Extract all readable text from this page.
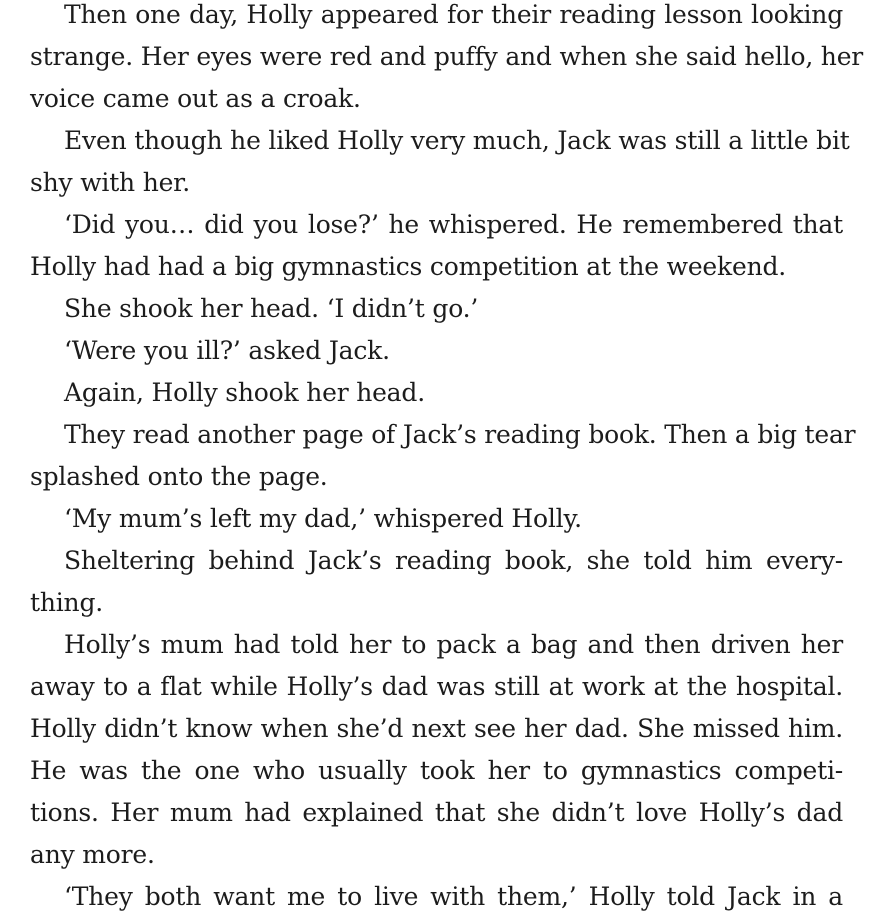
Then one day, Holly appeared for their reading lesson looking
strange. Her eyes were red and puffy and when she said hello, her
voice came out as a croak.
Even though he liked Holly very much, Jack was still a little bit
shy with her.
‘Did you… did you lose?’ he whispered. He remembered that
Holly had had a big gymnastics competition at the weekend.
She shook her head. ‘I didn’t go.’
‘Were you ill?’ asked Jack.
Again, Holly shook her head.
They read another page of Jack’s reading book. Then a big tear
splashed onto the page.
‘My mum’s left my dad,’ whispered Holly.
Sheltering behind Jack’s reading book, she told him every-
thing.
Holly’s mum had told her to pack a bag and then driven her
away to a flat while Holly’s dad was still at work at the hospital.
Holly didn’t know when she’d next see her dad. She missed him.
He was the one who usually took her to gymnastics competi-
tions. Her mum had explained that she didn’t love Holly’s dad
any more.
‘They both want me to live with them,’ Holly told Jack in a
